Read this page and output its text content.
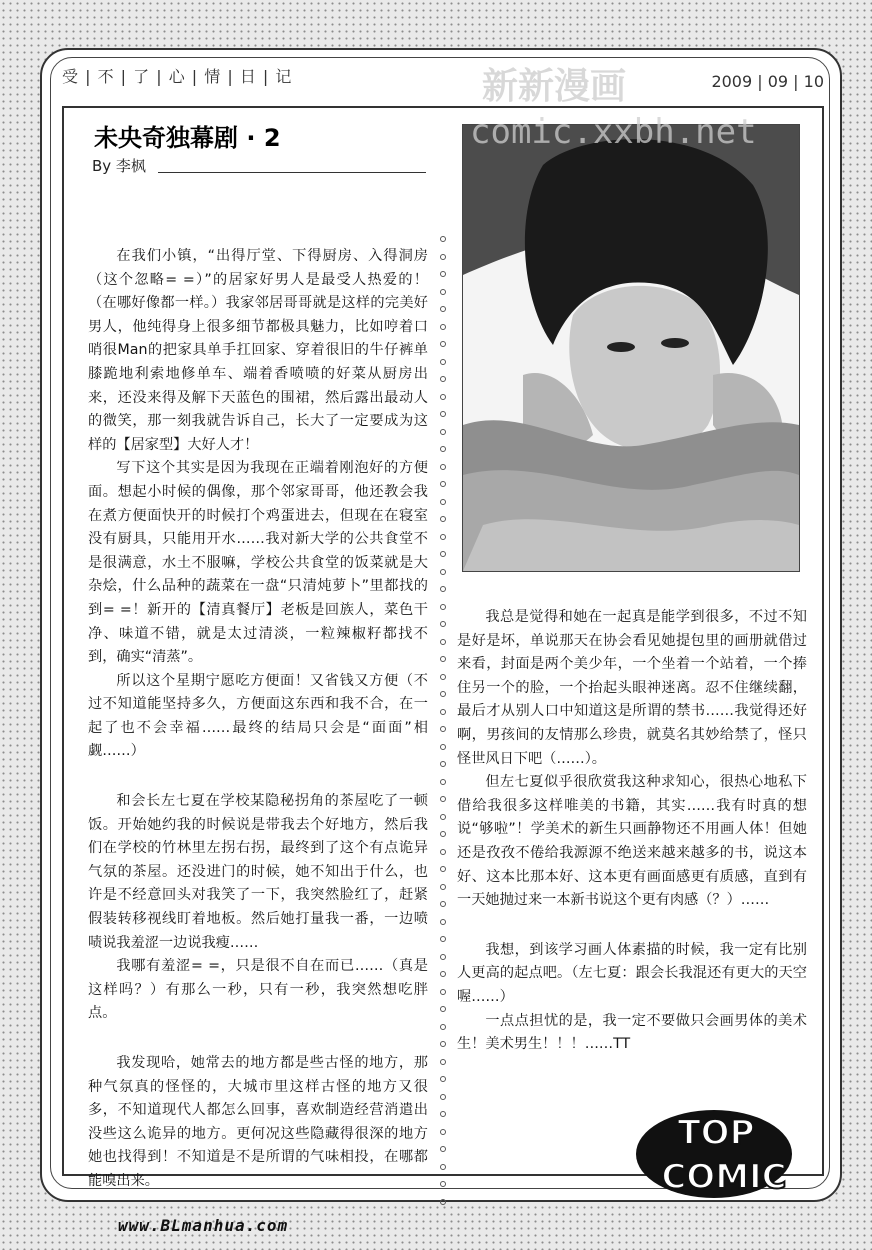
受 | 不 | 了 | 心 | 情 | 日 | 记	新新漫画	2009 | 09 | 10
comic.xxbh.net
未央奇独幕剧 · 2
By 李枫

在我们小镇，“出得厅堂、下得厨房、入得洞房（这个忽略= =）”的居家好男人是最受人热爱的！（在哪好像都一样。）我家邻居哥哥就是这样的完美好男人，他纯得身上很多细节都极具魅力，比如哼着口哨很Man的把家具单手扛回家、穿着很旧的牛仔裤单膝跪地利索地修单车、端着香喷喷的好菜从厨房出来，还没来得及解下天蓝色的围裙，然后露出最动人的微笑，那一刻我就告诉自己，长大了一定要成为这样的【居家型】大好人才！

写下这个其实是因为我现在正端着刚泡好的方便面。想起小时候的偶像，那个邻家哥哥，他还教会我在煮方便面快开的时候打个鸡蛋进去，但现在在寝室没有厨具，只能用开水……我对新大学的公共食堂不是很满意，水土不服嘛，学校公共食堂的饭菜就是大杂烩，什么品种的蔬菜在一盘“只清炖萝卜”里都找的到= =！新开的【清真餐厅】老板是回族人，菜色干净、味道不错，就是太过清淡，一粒辣椒籽都找不到，确实“清蒸”。

所以这个星期宁愿吃方便面！又省钱又方便（不过不知道能坚持多久，方便面这东西和我不合，在一起了也不会幸福……最终的结局只会是“面面”相觑……）

和会长左七夏在学校某隐秘拐角的茶屋吃了一顿饭。开始她约我的时候说是带我去个好地方，然后我们在学校的竹林里左拐右拐，最终到了这个有点诡异气氛的茶屋。还没进门的时候，她不知出于什么，也许是不经意回头对我笑了一下，我突然脸红了，赶紧假装转移视线盯着地板。然后她打量我一番，一边喷啧说我羞涩一边说我瘦……

我哪有羞涩= =，只是很不自在而已……（真是这样吗？）有那么一秒，只有一秒，我突然想吃胖点。

我发现哈，她常去的地方都是些古怪的地方，那种气氛真的怪怪的，大城市里这样古怪的地方又很多，不知道现代人都怎么回事，喜欢制造经营消遣出没些这么诡异的地方。更何况这些隐藏得很深的地方她也找得到！不知道是不是所谓的气味相投，在哪都能嗅出来。

我总是觉得和她在一起真是能学到很多，不过不知是好是坏，单说那天在协会看见她提包里的画册就借过来看，封面是两个美少年，一个坐着一个站着，一个捧住另一个的脸，一个抬起头眼神迷离。忍不住继续翻，最后才从别人口中知道这是所谓的禁书……我觉得还好啊，男孩间的友情那么珍贵，就莫名其妙给禁了，怪只怪世风日下吧（……）。

但左七夏似乎很欣赏我这种求知心，很热心地私下借给我很多这样唯美的书籍，其实……我有时真的想说“够啦”！学美术的新生只画静物还不用画人体！但她还是孜孜不倦给我源源不绝送来越来越多的书，说这本好、这本比那本好、这本更有画面感更有质感，直到有一天她抛过来一本新书说这个更有肉感（？）……

我想，到该学习画人体素描的时候，我一定有比别人更高的起点吧。（左七夏：跟会长我混还有更大的天空喔……）

一点点担忧的是，我一定不要做只会画男体的美术生！美术男生！！！……TT

TOP
COMIC
www.BLmanhua.com
